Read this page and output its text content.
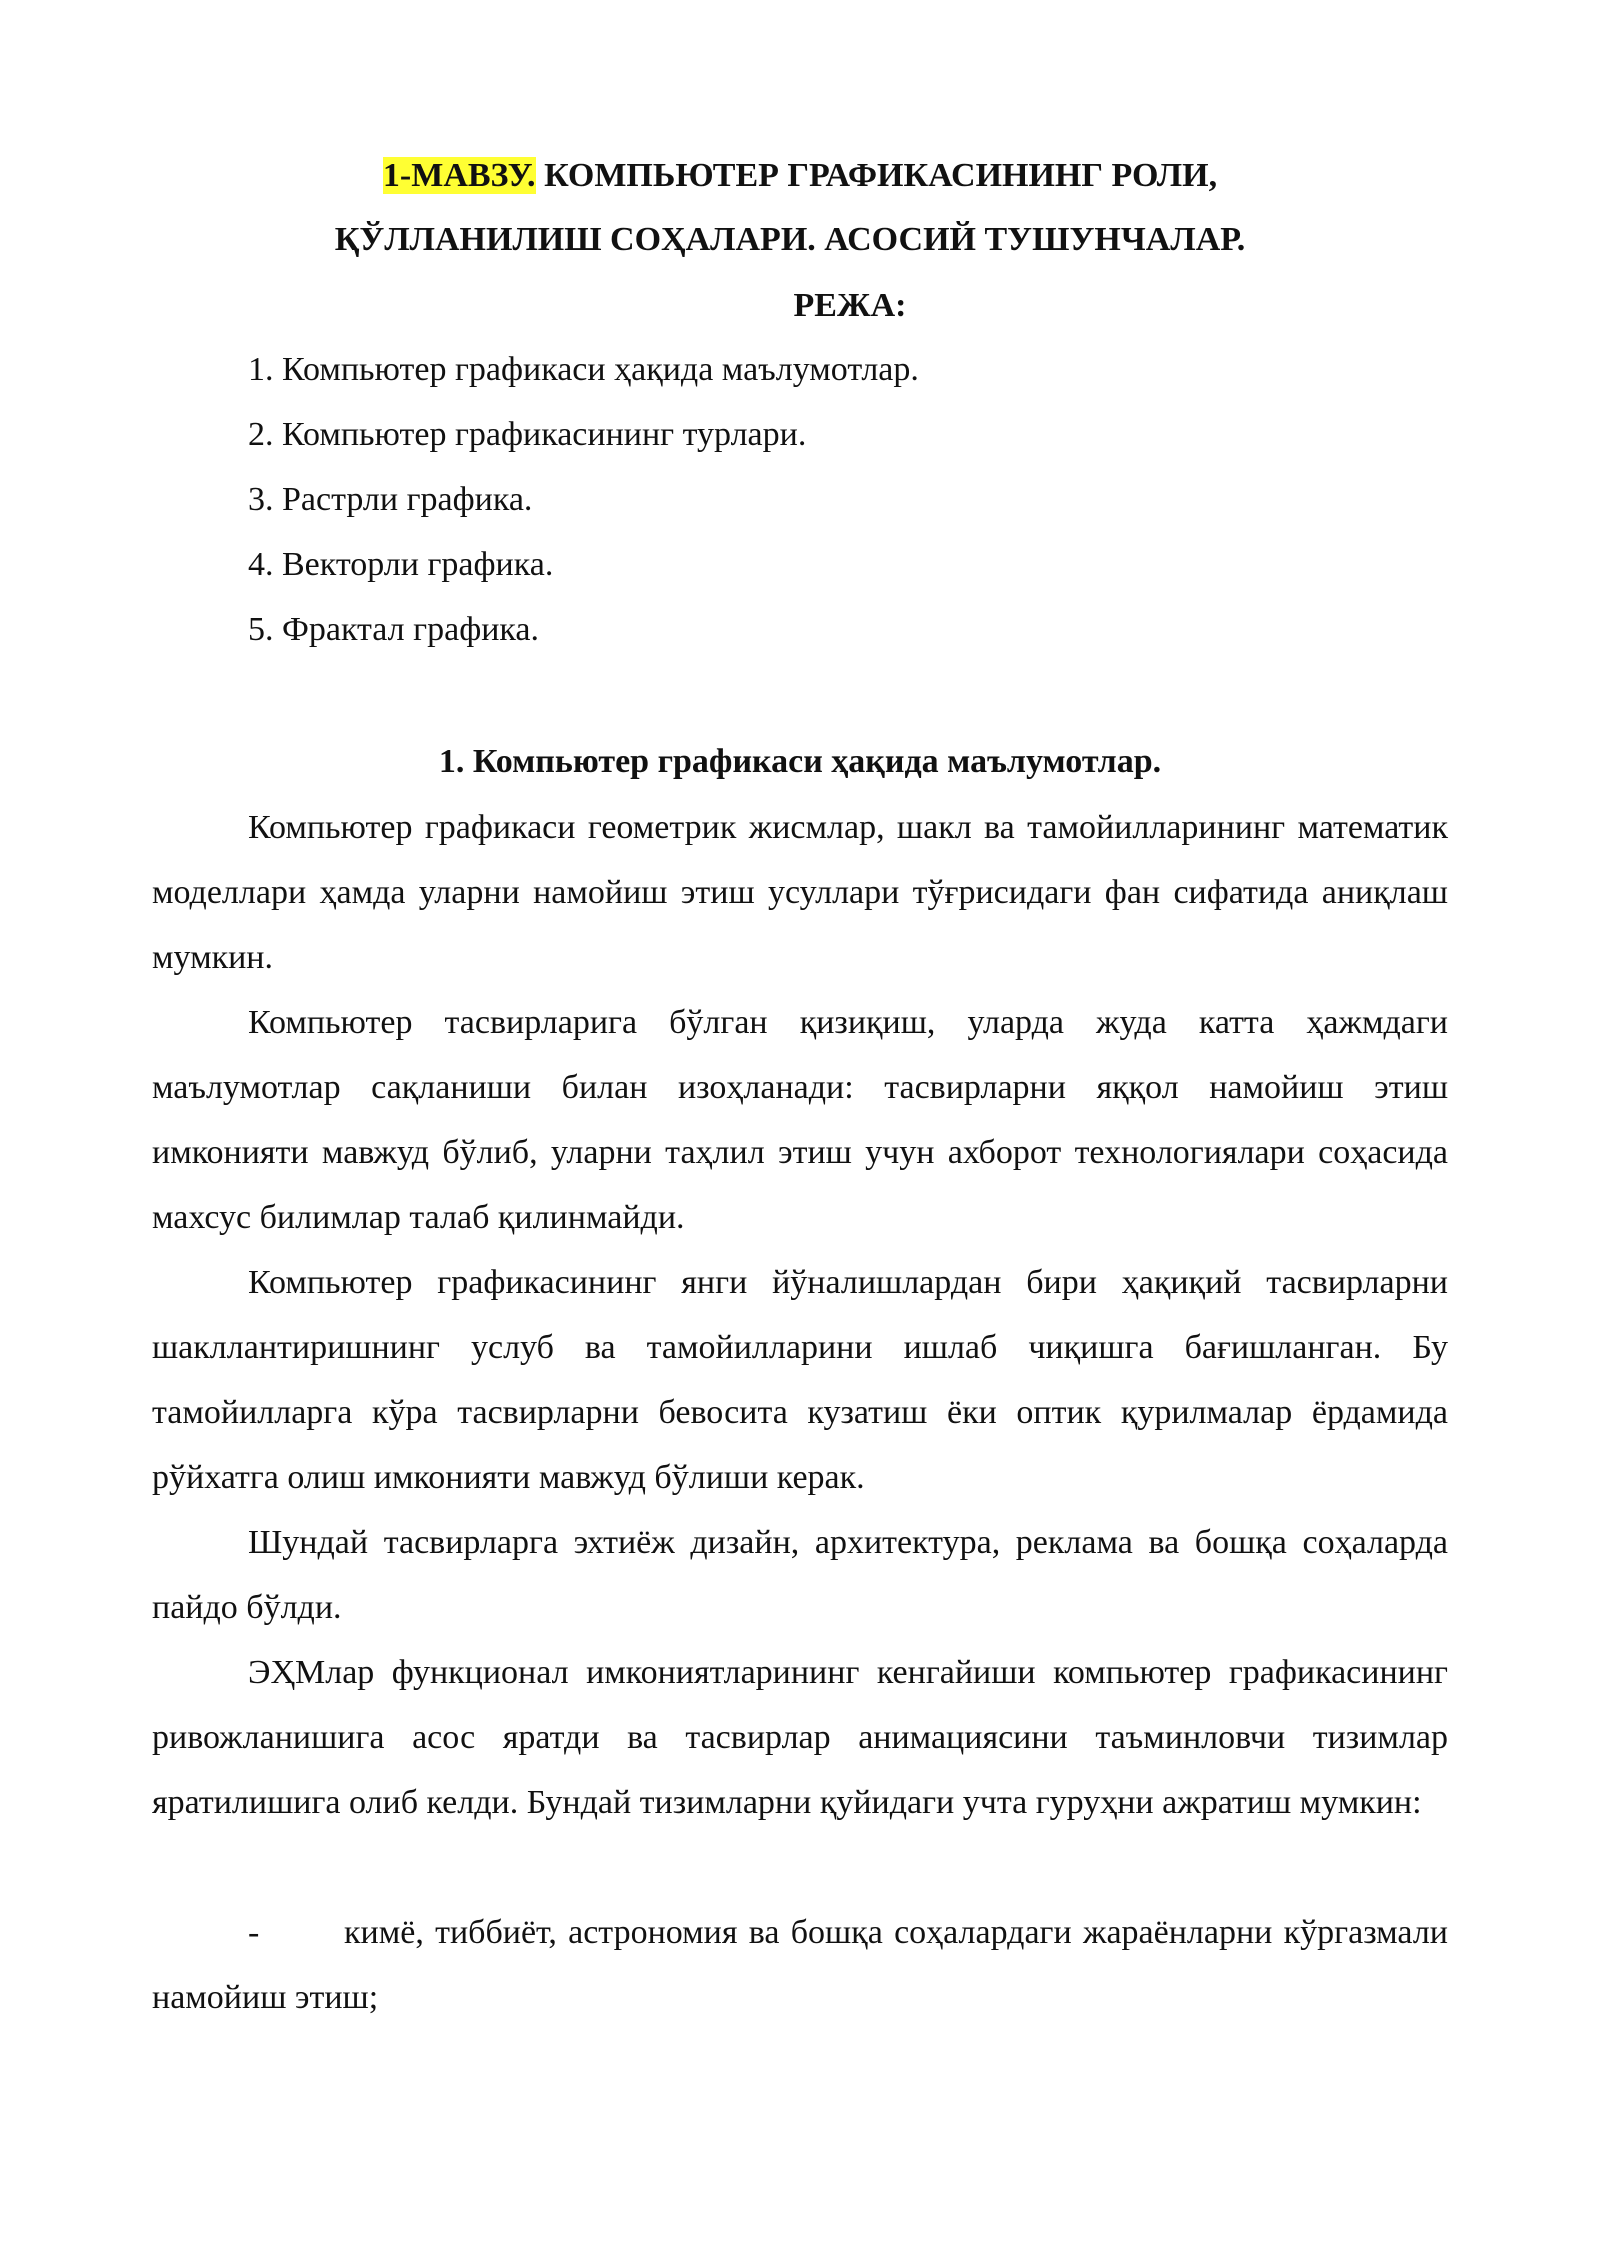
1-МАВЗУ. КОМПЬЮТЕР ГРАФИКАСИНИНГ РОЛИ,
ҚЎЛЛАНИЛИШ СОҲАЛАРИ. АСОСИЙ ТУШУНЧАЛАР.
РЕЖА:
1. Компьютер графикаси ҳақида маълумотлар.
2. Компьютер графикасининг турлари.
3. Растрли графика.
4. Векторли графика.
5. Фрактал графика.
1. Компьютер графикаси ҳақида маълумотлар.

Компьютер графикаси геометрик жисмлар, шакл ва тамойилларининг математик моделлари ҳамда уларни намойиш этиш усуллари тўғрисидаги фан сифатида аниқлаш мумкин.

Компьютер тасвирларига бўлган қизиқиш, уларда жуда катта ҳажмдаги маълумотлар сақланиши билан изоҳланади: тасвирларни яққол намойиш этиш имконияти мавжуд бўлиб, уларни таҳлил этиш учун ахборот технологиялари соҳасида махсус билимлар талаб қилинмайди.

Компьютер графикасининг янги йўналишлардан бири ҳақиқий тасвирларни шакллантиришнинг услуб ва тамойилларини ишлаб чиқишга бағишланган. Бу тамойилларга кўра тасвирларни бевосита кузатиш ёки оптик қурилмалар ёрдамида рўйхатга олиш имконияти мавжуд бўлиши керак.

Шундай тасвирларга эхтиёж дизайн, архитектура, реклама ва бошқа соҳаларда пайдо бўлди.

ЭҲМлар функционал имкониятларининг кенгайиши компьютер графикасининг ривожланишига асос яратди ва тасвирлар анимациясини таъминловчи тизимлар яратилишига олиб келди. Бундай тизимларни қуйидаги учта гуруҳни ажратиш мумкин:

- кимё, тиббиёт, астрономия ва бошқа соҳалардаги жараёнларни кўргазмали намойиш этиш;
